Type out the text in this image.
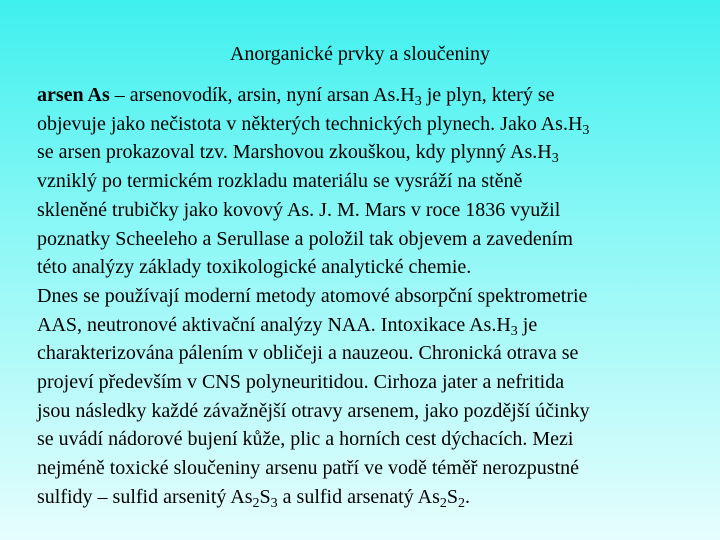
Anorganické prvky a sloučeniny
arsen As – arsenovodík, arsin, nyní arsan $As.H_3$ je plyn, který se
objevuje jako nečistota v některých technických plynech. Jako $As.H_3$
se arsen prokazoval tzv. Marshovou zkouškou, kdy plynný $As.H_3$
vzniklý po termickém rozkladu materiálu se vysráží na stěně
skleněné trubičky jako kovový As. J. M. Mars v roce 1836 využil
poznatky Scheeleho a Serullase a položil tak objevem a zavedením
této analýzy základy toxikologické analytické chemie.
Dnes se používají moderní metody atomové absorpční spektrometrie
AAS, neutronové aktivační analýzy NAA. Intoxikace $As.H_3$ je
charakterizována pálením v obličeji a nauzeou. Chronická otrava se
projeví především v CNS polyneuritidou. Cirhoza jater a nefritida
jsou následky každé závažnější otravy arsenem, jako pozdější účinky
se uvádí nádorové bujení kůže, plic a horních cest dýchacích. Mezi
nejméně toxické sloučeniny arsenu patří ve vodě téměř nerozpustné
sulfidy – sulfid arsenitý $As_2S_3$ a sulfid arsenatý $As_2S_2$.
